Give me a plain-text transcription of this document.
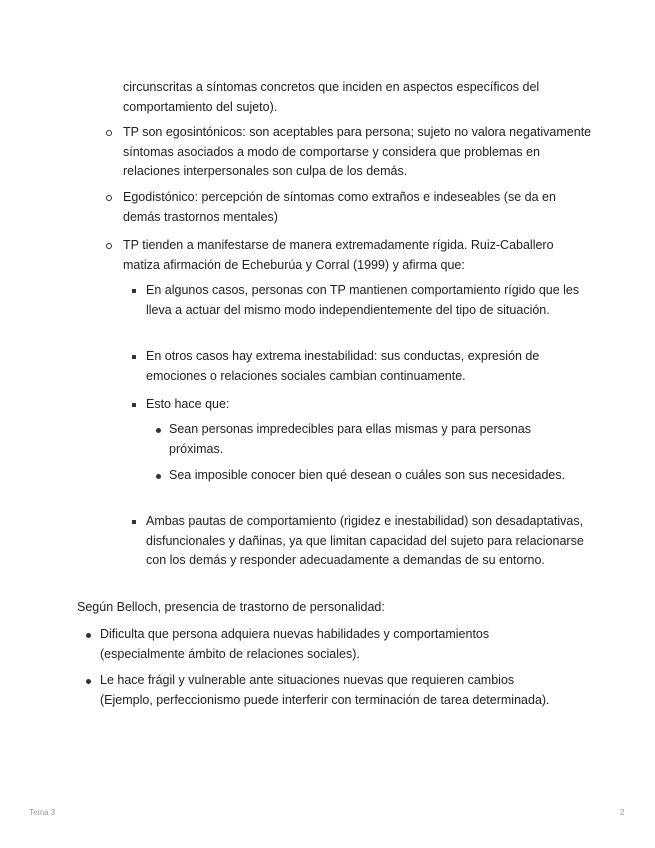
circunscritas a síntomas concretos que inciden en aspectos específicos del comportamiento del sujeto).
TP son egosintónicos: son aceptables para persona; sujeto no valora negativamente síntomas asociados a modo de comportarse y considera que problemas en relaciones interpersonales son culpa de los demás.
Egodistónico: percepción de síntomas como extraños e indeseables (se da en demás trastornos mentales)
TP tienden a manifestarse de manera extremadamente rígida. Ruiz-Caballero matiza afirmación de Echeburúa y Corral (1999) y afirma que:
En algunos casos, personas con TP mantienen comportamiento rígido que les lleva a actuar del mismo modo independientemente del tipo de situación.
En otros casos hay extrema inestabilidad: sus conductas, expresión de emociones o relaciones sociales cambian continuamente.
Esto hace que:
Sean personas impredecibles para ellas mismas y para personas próximas.
Sea imposible conocer bien qué desean o cuáles son sus necesidades.
Ambas pautas de comportamiento (rigidez e inestabilidad) son desadaptativas, disfuncionales y dañinas, ya que limitan capacidad del sujeto para relacionarse con los demás y responder adecuadamente a demandas de su entorno.
Según Belloch, presencia de trastorno de personalidad:
Dificulta que persona adquiera nuevas habilidades y comportamientos (especialmente ámbito de relaciones sociales).
Le hace frágil y vulnerable ante situaciones nuevas que requieren cambios (Ejemplo, perfeccionismo puede interferir con terminación de tarea determinada).
Tema 3	2
